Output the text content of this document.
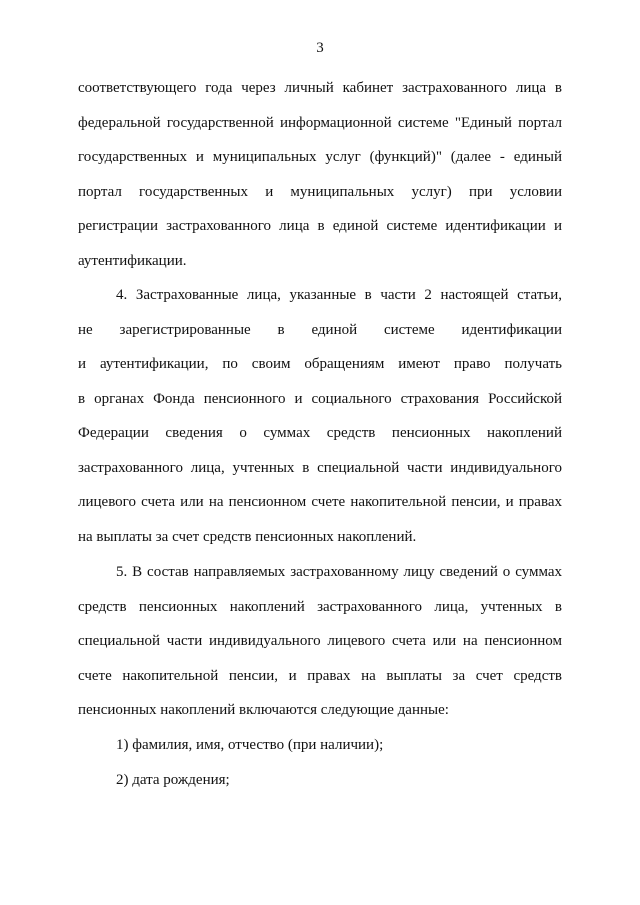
3
соответствующего года через личный кабинет застрахованного лица в
федеральной государственной информационной системе "Единый портал
государственных и муниципальных услуг (функций)" (далее - единый
портал государственных и муниципальных услуг) при условии
регистрации застрахованного лица в единой системе идентификации и
аутентификации.
4. Застрахованные лица, указанные в части 2 настоящей статьи,
не зарегистрированные в единой системе идентификации
и аутентификации, по своим обращениям имеют право получать
в органах Фонда пенсионного и социального страхования Российской
Федерации сведения о суммах средств пенсионных накоплений
застрахованного лица, учтенных в специальной части индивидуального
лицевого счета или на пенсионном счете накопительной пенсии, и правах
на выплаты за счет средств пенсионных накоплений.
5. В состав направляемых застрахованному лицу сведений о суммах
средств пенсионных накоплений застрахованного лица, учтенных в
специальной части индивидуального лицевого счета или на пенсионном
счете накопительной пенсии, и правах на выплаты за счет средств
пенсионных накоплений включаются следующие данные:
1) фамилия, имя, отчество (при наличии);
2) дата рождения;
